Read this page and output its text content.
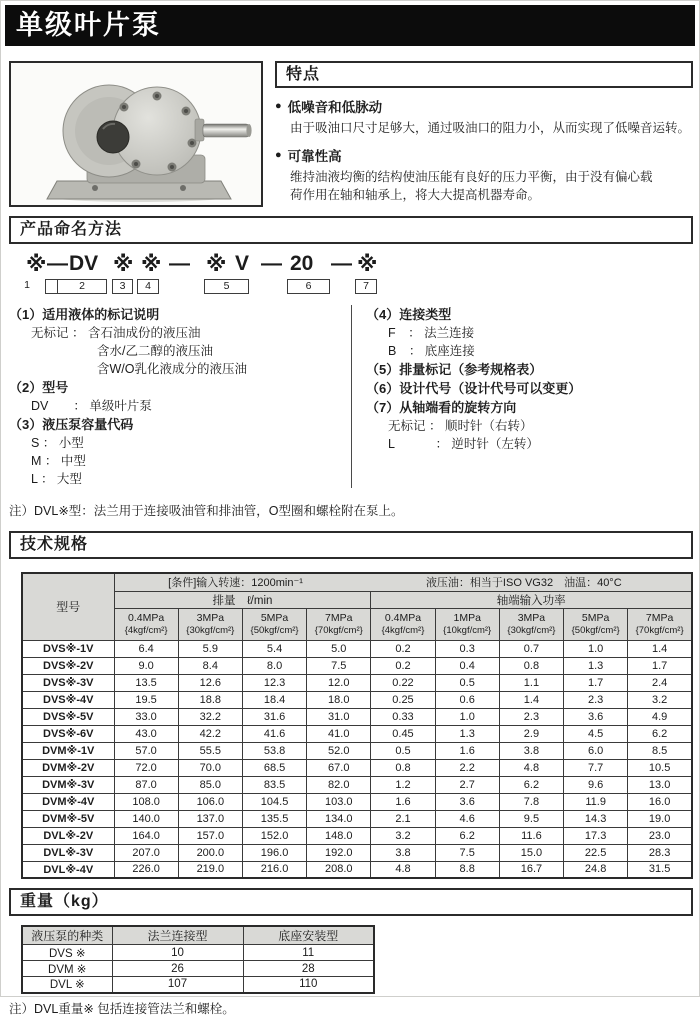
单级叶片泵
特点
● 低噪音和低脉动
由于吸油口尺寸足够大，通过吸油口的阻力小，从而实现了低噪音运转。
● 可靠性高
维持油液均衡的结构使油压能有良好的压力平衡，由于没有偏心载
荷作用在轴和轴承上，将大大提高机器寿命。
产品命名方法
※ — DV ※ ※ — ※ V — 20 — ※
1	2	3	4	5	6	7
（1）适用液体的标记说明
无标记 ： 含石油成份的液压油
含水/乙二醇的液压油
含W/O乳化液成分的液压油
（2）型号
DV　　： 单级叶片泵
（3）液压泵容量代码
S ： 小型
M ： 中型
L ： 大型
（4）连接类型
F　： 法兰连接
B　： 底座连接
（5）排量标记（参考规格表）
（6）设计代号（设计代号可以变更）
（7）从轴端看的旋转方向
无标记 ： 顺时针（右转）
L　　　 ： 逆时针（左转）
注）DVL※型：法兰用于连接吸油管和排油管，O型圈和螺栓附在泵上。
技术规格
型号	[条件]输入转速：1200min⁻¹ 液压油：相当于ISO VG32　油温：40°C								

	排量　ℓ/min				轴端输入功率				

0.4MPa
{4kgf/cm²}

3MPa
{30kgf/cm²}

5MPa
{50kgf/cm²}

7MPa
{70kgf/cm²}

0.4MPa
{4kgf/cm²}

1MPa
{10kgf/cm²}

3MPa
{30kgf/cm²}

5MPa
{50kgf/cm²}

7MPa
{70kgf/cm²}

DVS※-1V	6.4	5.9	5.4	5.0	0.2	0.3	0.7	1.0	1.4
DVS※-2V	9.0	8.4	8.0	7.5	0.2	0.4	0.8	1.3	1.7
DVS※-3V	13.5	12.6	12.3	12.0	0.22	0.5	1.1	1.7	2.4
DVS※-4V	19.5	18.8	18.4	18.0	0.25	0.6	1.4	2.3	3.2
DVS※-5V	33.0	32.2	31.6	31.0	0.33	1.0	2.3	3.6	4.9
DVS※-6V	43.0	42.2	41.6	41.0	0.45	1.3	2.9	4.5	6.2
DVM※-1V	57.0	55.5	53.8	52.0	0.5	1.6	3.8	6.0	8.5
DVM※-2V	72.0	70.0	68.5	67.0	0.8	2.2	4.8	7.7	10.5
DVM※-3V	87.0	85.0	83.5	82.0	1.2	2.7	6.2	9.6	13.0
DVM※-4V	108.0	106.0	104.5	103.0	1.6	3.6	7.8	11.9	16.0
DVM※-5V	140.0	137.0	135.5	134.0	2.1	4.6	9.5	14.3	19.0
DVL※-2V	164.0	157.0	152.0	148.0	3.2	6.2	11.6	17.3	23.0
DVL※-3V	207.0	200.0	196.0	192.0	3.8	7.5	15.0	22.5	28.3
DVL※-4V	226.0	219.0	216.0	208.0	4.8	8.8	16.7	24.8	31.5
重量（kg）
液压泵的种类	法兰连接型	底座安装型
DVS ※	10	11
DVM ※	26	28
DVL ※	107	110
注）DVL重量※ 包括连接管法兰和螺栓。
